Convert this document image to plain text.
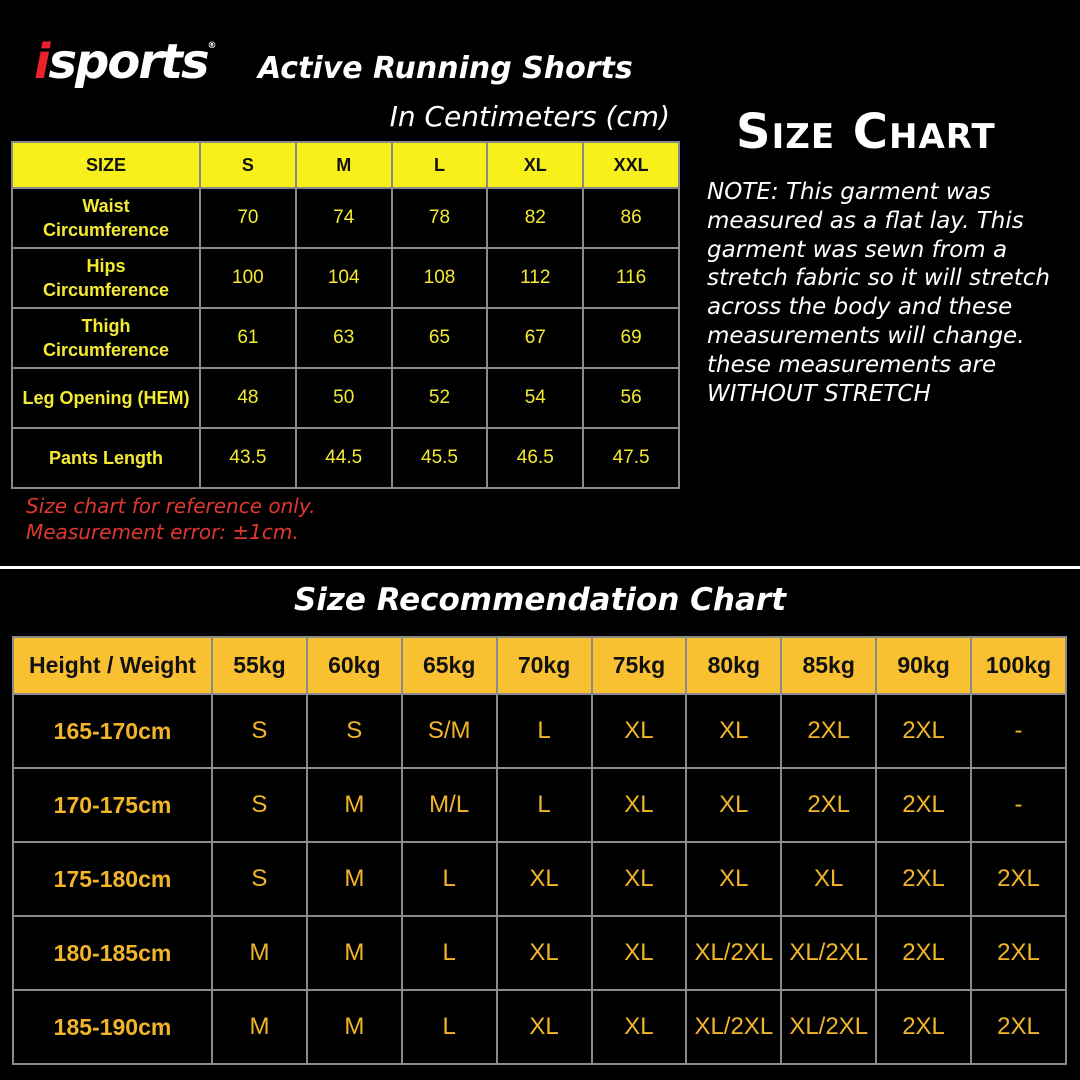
isports®
Active Running Shorts
In Centimeters (cm) Size Chart
NOTE: This garment was measured as a flat lay. This garment was sewn from a stretch fabric so it will stretch across the body and these measurements will change. these measurements are WITHOUT STRETCH
SIZE	S	M	L	XL	XXL

Waist
Circumference	70	74	78	82	86

Hips
Circumference	100	104	108	112	116

Thigh
Circumference	61	63	65	67	69

Leg Opening (HEM)	48	50	52	54	56

Pants Length	43.5	44.5	45.5	46.5	47.5
Size chart for reference only.
Measurement error: ±1cm.
Size Recommendation Chart
Height / Weight	55kg	60kg	65kg	70kg	75kg	80kg	85kg	90kg	100kg
165-170cm	S	S	S/M	L	XL	XL	2XL	2XL	-
170-175cm	S	M	M/L	L	XL	XL	2XL	2XL	-
175-180cm	S	M	L	XL	XL	XL	XL	2XL	2XL
180-185cm	M	M	L	XL	XL	XL/2XL	XL/2XL	2XL	2XL
185-190cm	M	M	L	XL	XL	XL/2XL	XL/2XL	2XL	2XL
